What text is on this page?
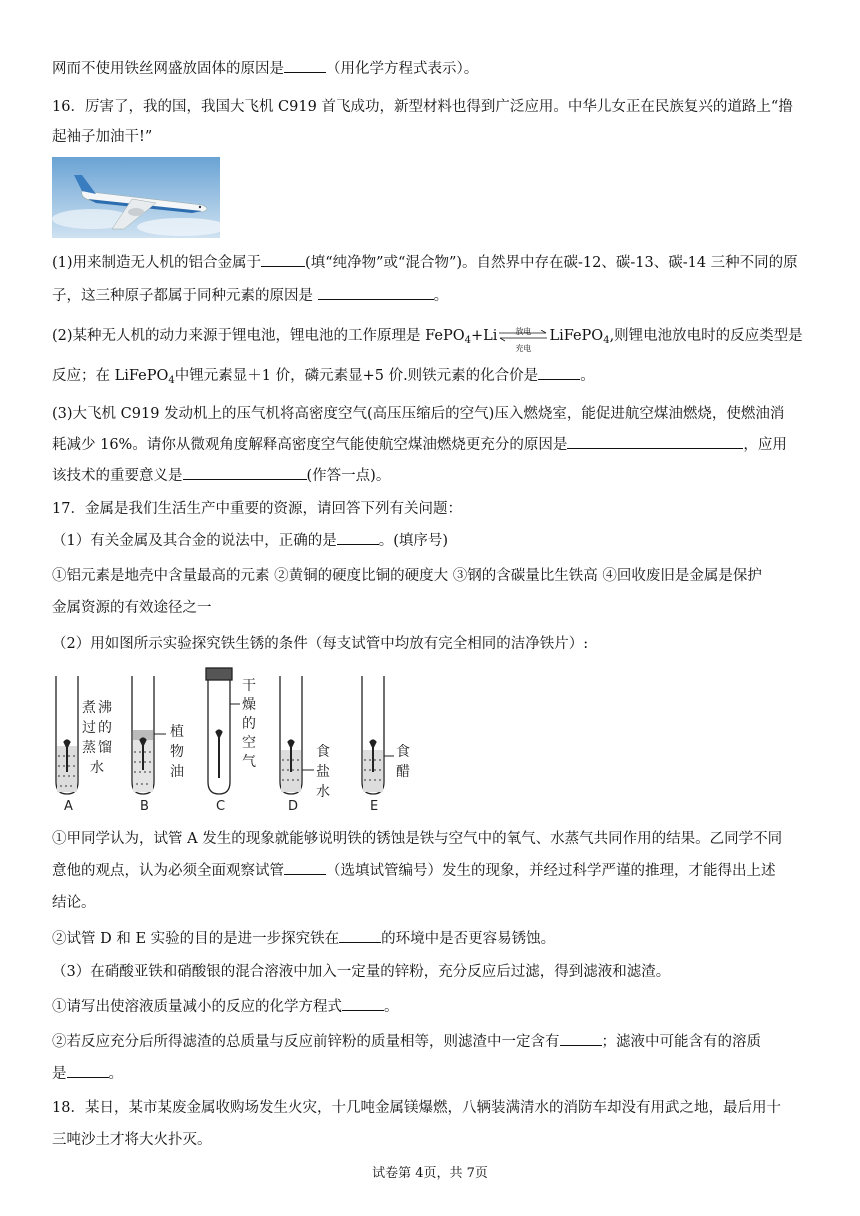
网而不使用铁丝网盛放固体的原因是	（用化学方程式表示）。
16．厉害了，我的国，我国大飞机 C919 首飞成功，新型材料也得到广泛应用。中华儿女正在民族复兴的道路上“撸
起袖子加油干!”
(1)用来制造无人机的铝合金属于	(填“纯净物”或“混合物”)。自然界中存在碳-12、碳-13、碳-14 三种不同的原
子，这三种原子都属于同种元素的原因是	。
(2)某种无人机的动力来源于锂电池，锂电池的工作原理是 FePO$_4$+Li	放电
充电
LiFePO$_4$,则锂电池放电时的反应类型是
反应；在 LiFePO$_4$中锂元素显＋1 价，磷元素显+5 价.则铁元素的化合价是	。
(3)大飞机 C919 发动机上的压气机将高密度空气(高压压缩后的空气)压入燃烧室，能促进航空煤油燃烧，使燃油消
耗减少 16%。请你从微观角度解释高密度空气能使航空煤油燃烧更充分的原因是	，应用
该技术的重要意义是	(作答一点)。
17．金属是我们生活生产中重要的资源，请回答下列有关问题：
（1）有关金属及其合金的说法中，正确的是	。(填序号)
①铝元素是地壳中含量最高的元素 ②黄铜的硬度比铜的硬度大 ③钢的含碳量比生铁高 ④回收废旧是金属是保护
金属资源的有效途径之一
（2）用如图所示实验探究铁生锈的条件（每支试管中均放有完全相同的洁净铁片）:
煮 沸
过 的
蒸 馏
水
植
物
油
干
燥
的
空
气
食
盐
水
食
醋
A	B	C	D	E
①甲同学认为，试管 A 发生的现象就能够说明铁的锈蚀是铁与空气中的氧气、水蒸气共同作用的结果。乙同学不同
意他的观点，认为必须全面观察试管	（选填试管编号）发生的现象，并经过科学严谨的推理，才能得出上述
结论。
②试管 D 和 E 实验的目的是进一步探究铁在	的环境中是否更容易锈蚀。
（3）在硝酸亚铁和硝酸银的混合溶液中加入一定量的锌粉，充分反应后过滤，得到滤液和滤渣。
①请写出使溶液质量减小的反应的化学方程式	。
②若反应充分后所得滤渣的总质量与反应前锌粉的质量相等，则滤渣中一定含有	；滤液中可能含有的溶质
是	。
18．某日，某市某废金属收购场发生火灾，十几吨金属镁爆燃，八辆装满清水的消防车却没有用武之地，最后用十
三吨沙土才将大火扑灭。
试卷第 4页，共 7页
